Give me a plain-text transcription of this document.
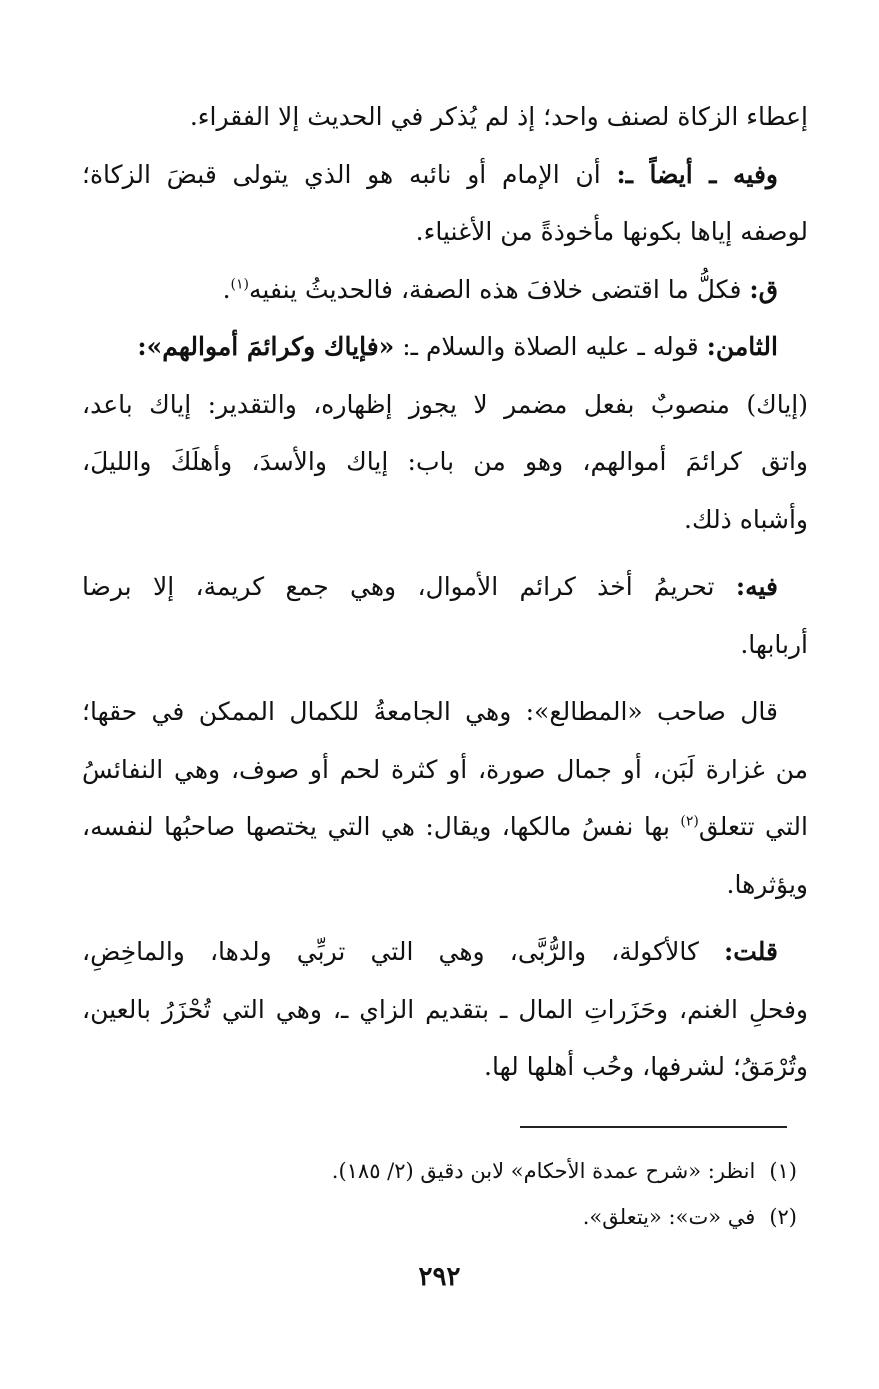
إعطاء الزكاة لصنف واحد؛ إذ لم يُذكر في الحديث إلا الفقراء.

وفيه ـ أيضاً ـ: أن الإمام أو نائبه هو الذي يتولى قبضَ الزكاة؛
لوصفه إياها بكونها مأخوذةً من الأغنياء.

ق: فكلُّ ما اقتضى خلافَ هذه الصفة، فالحديثُ ينفيه$^{(١)}$.

الثامن: قوله ـ عليه الصلاة والسلام ـ: «فإياك وكرائمَ أموالهم»:
(إياك) منصوبٌ بفعل مضمر لا يجوز إظهاره، والتقدير: إياك باعد،
واتق كرائمَ أموالهم، وهو من باب: إياك والأسدَ، وأهلَكَ والليلَ،
وأشباه ذلك.

فيه: تحريمُ أخذ كرائم الأموال، وهي جمع كريمة، إلا برضا
أربابها.

قال صاحب «المطالع»: وهي الجامعةُ للكمال الممكن في حقها؛
من غزارة لَبَن، أو جمال صورة، أو كثرة لحم أو صوف، وهي النفائسُ
التي تتعلق$^{(٢)}$ بها نفسُ مالكها، ويقال: هي التي يختصها صاحبُها لنفسه،
ويؤثرها.

قلت: كالأكولة، والرُّبَّى، وهي التي تربِّي ولدها، والماخِضِ،
وفحلِ الغنم، وحَزَراتِ المال ـ بتقديم الزاي ـ، وهي التي تُحْزَرُ بالعين،
وتُرْمَقُ؛ لشرفها، وحُب أهلها لها.

(١)انظر: «شرح عمدة الأحكام» لابن دقيق (٢/ ١٨٥).
(٢)في «ت»: «يتعلق».
٢٩٢
